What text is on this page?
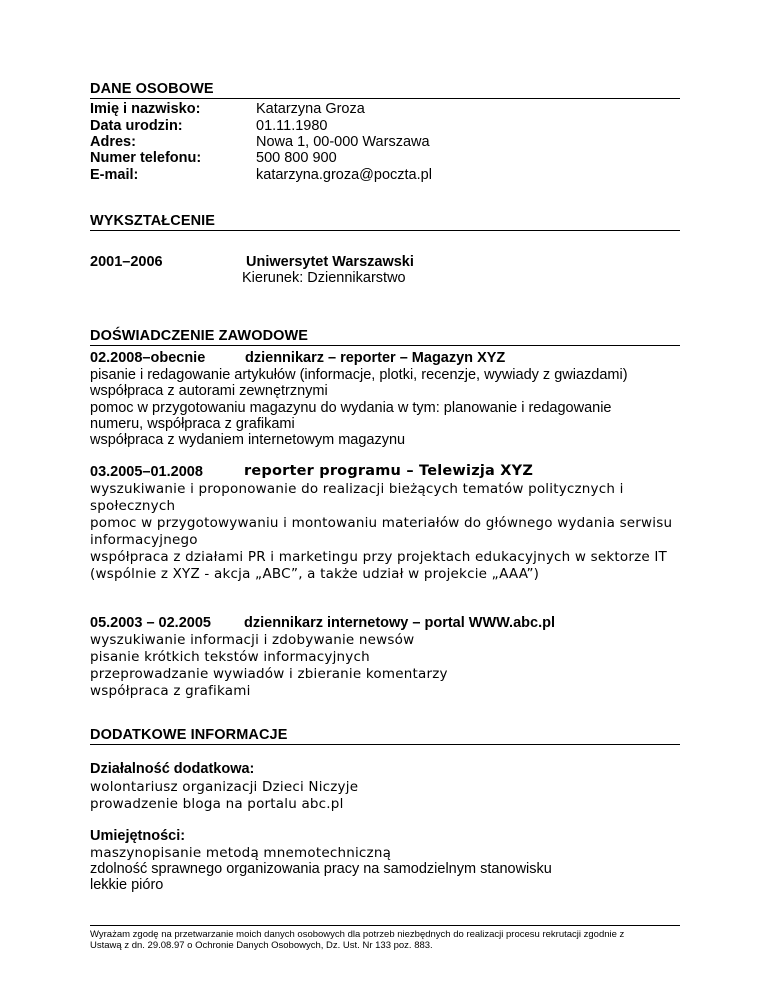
DANE OSOBOWE
Imię i nazwisko:	Katarzyna Groza
Data urodzin:	01.11.1980
Adres:	Nowa 1, 00-000 Warszawa
Numer telefonu:	500 800 900
E-mail:	katarzyna.groza@poczta.pl
WYKSZTAŁCENIE
2001–2006	Uniwersytet Warszawski
Kierunek: Dziennikarstwo
DOŚWIADCZENIE ZAWODOWE
02.2008–obecnie	dziennikarz – reporter – Magazyn XYZ
pisanie i redagowanie artykułów (informacje, plotki, recenzje, wywiady z gwiazdami)
współpraca z autorami zewnętrznymi
pomoc w przygotowaniu magazynu do wydania w tym: planowanie i redagowanie
numeru, współpraca z grafikami
współpraca z wydaniem internetowym magazynu
03.2005–01.2008	reporter programu – Telewizja XYZ
wyszukiwanie i proponowanie do realizacji bieżących tematów politycznych i
społecznych
pomoc w przygotowywaniu i montowaniu materiałów do głównego wydania serwisu
informacyjnego
współpraca z działami PR i marketingu przy projektach edukacyjnych w sektorze IT
(wspólnie z XYZ - akcja „ABC”, a także udział w projekcie „AAA”)
05.2003 – 02.2005 dziennikarz internetowy – portal WWW.abc.pl
wyszukiwanie informacji i zdobywanie newsów
pisanie krótkich tekstów informacyjnych
przeprowadzanie wywiadów i zbieranie komentarzy
współpraca z grafikami
DODATKOWE INFORMACJE
Działalność dodatkowa:
wolontariusz organizacji Dzieci Niczyje
prowadzenie bloga na portalu abc.pl
Umiejętności:
maszynopisanie metodą mnemotechniczną
zdolność sprawnego organizowania pracy na samodzielnym stanowisku
lekkie pióro
Wyrażam zgodę na przetwarzanie moich danych osobowych dla potrzeb niezbędnych do realizacji procesu rekrutacji zgodnie z
Ustawą z dn. 29.08.97 o Ochronie Danych Osobowych, Dz. Ust. Nr 133 poz. 883.
